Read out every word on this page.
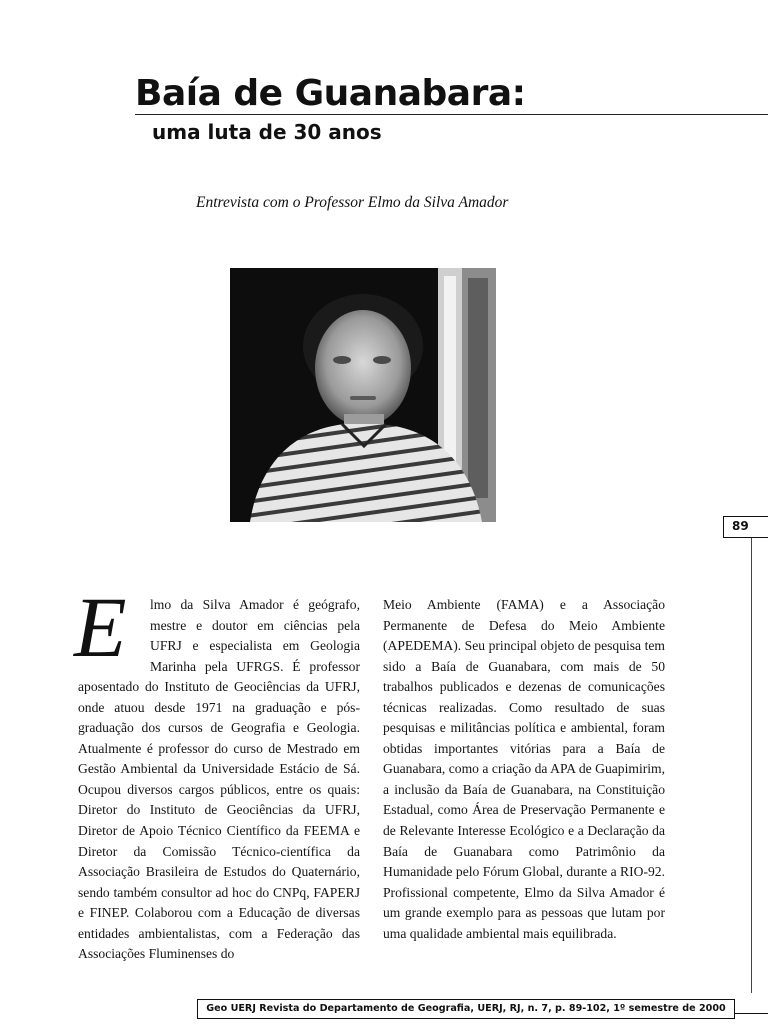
Baía de Guanabara:
uma luta de 30 anos

Entrevista com o Professor Elmo da Silva Amador

89
E	lmo da Silva Amador é geógrafo, mestre e doutor em ciências pela UFRJ e especialista em Geologia Marinha pela UFRGS. É professor aposentado do Instituto de Geociências da UFRJ, onde atuou desde 1971 na graduação e pós-graduação dos cursos de Geografia e Geologia. Atualmente é professor do curso de Mestrado em Gestão Ambiental da Universidade Estácio de Sá. Ocupou diversos cargos públicos, entre os quais: Diretor do Instituto de Geociências da UFRJ, Diretor de Apoio Técnico Científico da FEEMA e Diretor da Comissão Técnico-científica da Associação Brasileira de Estudos do Quaternário, sendo também consultor ad hoc do CNPq, FAPERJ e FINEP. Colaborou com a Educação de diversas entidades ambientalistas, com a Federação das Associações Fluminenses do
Meio Ambiente (FAMA) e a Associação Permanente de Defesa do Meio Ambiente (APEDEMA). Seu principal objeto de pesquisa tem sido a Baía de Guanabara, com mais de 50 trabalhos publicados e dezenas de comunicações técnicas realizadas. Como resultado de suas pesquisas e militâncias política e ambiental, foram obtidas importantes vitórias para a Baía de Guanabara, como a criação da APA de Guapimirim, a inclusão da Baía de Guanabara, na Constituição Estadual, como Área de Preservação Permanente e de Relevante Interesse Ecológico e a Declaração da Baía de Guanabara como Patrimônio da Humanidade pelo Fórum Global, durante a RIO-92. Profissional competente, Elmo da Silva Amador é um grande exemplo para as pessoas que lutam por uma qualidade ambiental mais equilibrada.
Geo UERJ Revista do Departamento de Geografia, UERJ, RJ, n. 7, p. 89-102, 1º semestre de 2000
